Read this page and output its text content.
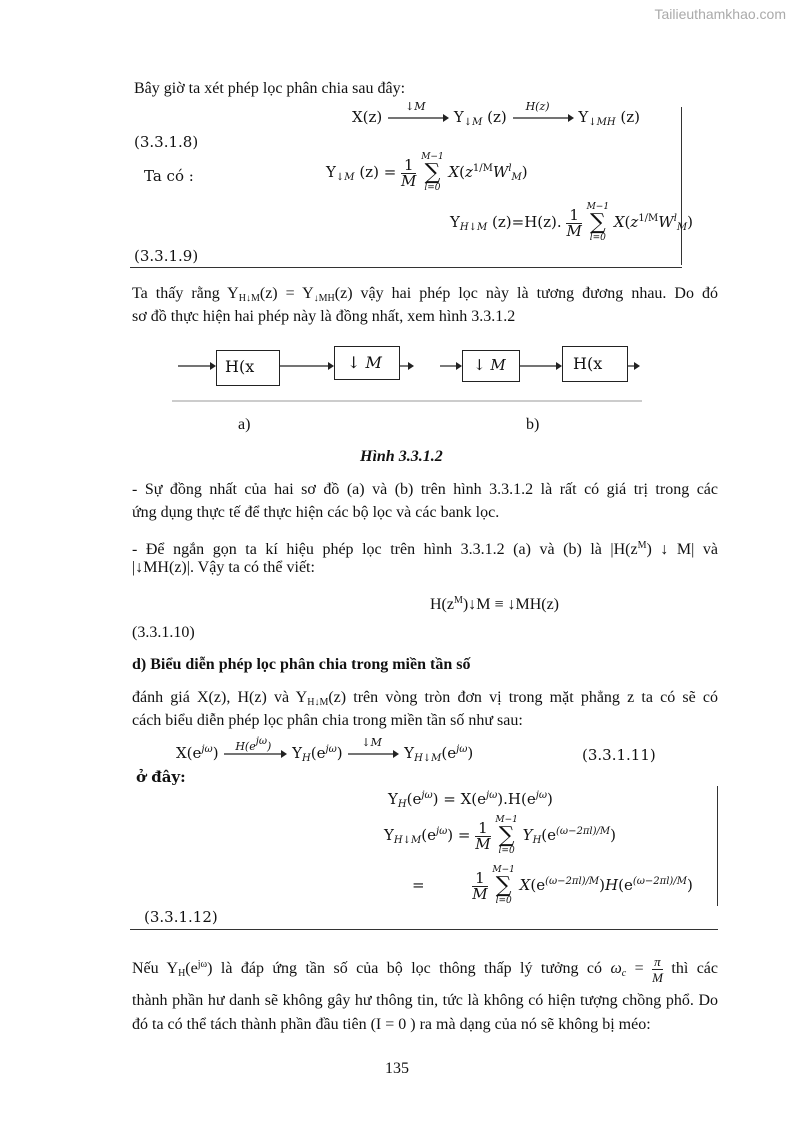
Tailieuthamkhao.com
Bây giờ ta xét phép lọc phân chia sau đây:
X(z)
↓M
$Y_{↓M}$ (z)
H(z)
$Y_{↓MH}$ (z)
(3.3.1.8)
Ta có :	$Y_{↓M}$ $(z) = \frac{1}{M}$
M−1
∑
l=0 $X(z^{1/M}W^l_M)$
$Y_{H↓M}$ (z)=H(z). $\frac{1}{M}$
M−1
∑
l=0 $X(z^{1/M}W^l_M)$
(3.3.1.9)
Ta thấy rằng $Y_{H↓M}(z) = Y_{↓MH}(z)$ vậy hai phép lọc này là tương đương nhau. Do đó
sơ đồ thực hiện hai phép này là đồng nhất, xem hình 3.3.1.2
H(x	↓ M	↓ M	H(x
a)	b)
Hình 3.3.1.2
- Sự đồng nhất của hai sơ đồ (a) và (b) trên hình 3.3.1.2 là rất có giá trị trong các
ứng dụng thực tế để thực hiện các bộ lọc và các bank lọc.
- Để ngắn gọn ta kí hiệu phép lọc trên hình 3.3.1.2 (a) và (b) là $|H(z^M)$ ↓ M| và
|↓MH(z)|. Vậy ta có thể viết:
$H(z^M)↓M$ ≡ ↓MH(z)
(3.3.1.10)
d) Biểu diễn phép lọc phân chia trong miền tần số
đánh giá X(z), H(z) và $Y_{H↓M}(z)$ trên vòng tròn đơn vị trong mặt phẳng z ta có sẽ có
cách biểu diễn phép lọc phân chia trong miền tần số như sau:
$X(e^{j\omega})$ H(ejω) $Y_H(e^{j\omega})$
↓M
$Y_{H↓M}(e^{j\omega})$	(3.3.1.11)
ở đây:
$Y_H(e^{j\omega}) = X(e^{j\omega}).H(e^{j\omega})$
$Y_{H↓M}(e^{j\omega}) = \frac{1}{M}$
M−1
∑
l=0 $Y_H(e^{(\omega-2\pi l)/M})$
=	$\frac{1}{M}$
M−1
∑
l=0 $X(e^{(\omega-2\pi l)/M})H(e^{(\omega-2\pi l)/M})$
(3.3.1.12)
Nếu $Y_H(e^{j\omega})$ là đáp ứng tần số của bộ lọc thông thấp lý tưởng có $\omega_c = \frac{\pi}{M}$ thì các
thành phần hư danh sẽ không gây hư thông tin, tức là không có hiện tượng chồng phổ. Do
đó ta có thể tách thành phần đầu tiên (I = 0 ) ra mà dạng của nó sẽ không bị méo:
135
